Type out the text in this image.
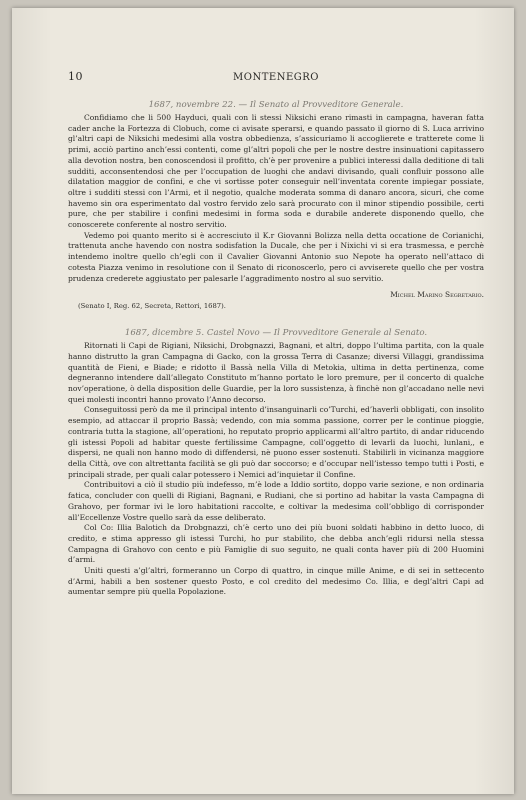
10	MONTENEGRO
1687, novembre 22. — Il Senato al Provveditore Generale.

Confidiamo che li 500 Hayduci, quali con li stessi Niksichi erano rimasti in campagna, haveran fatta cader anche la Fortezza di Clobuch, come ci avisate sperarsi, e quando passato il giorno di S. Luca arrivino gl’altri capi de Niksichi medesimi alla vostra obbedienza, s’assicuriamo li accoglierete e tratterete come li primi, acciò partino anch’essi contenti, come gl’altri popoli che per le nostre destre insinuationi capitassero alla devotion nostra, ben conoscendosi il profitto, ch’è per provenire a publici interessi dalla deditione di tali sudditi, acconsentendosi che per l’occupation de luoghi che andavi divisando, quali confluir possono alle dilatation maggior de confini, e che vi sortisse poter conseguir nell’inventata corente impiegar possiate, oltre i sudditi stessi con l’Armi, et il negotio, qualche moderata somma di danaro ancora, sicuri, che come havemo sin ora esperimentato dal vostro fervido zelo sarà procurato con il minor stipendio possibile, certi pure, che per stabilire i confini medesimi in forma soda e durabile anderete disponendo quello, che conoscerete conferente al nostro servitio.

Vedemo poi quanto merito si è accresciuto il K.r Giovanni Bolizza nella detta occatione de Corianichi, trattenuta anche havendo con nostra sodisfation la Ducale, che per i Nixichi vi si era trasmessa, e perchè intendemo inoltre quello ch’egli con il Cavalier Giovanni Antonio suo Nepote ha operato nell’attaco di cotesta Piazza venimo in resolutione con il Senato di riconoscerlo, pero ci avviserete quello che per vostra prudenza crederete aggiustato per palesarle l’aggradimento nostro al suo servitio.

Michel Marino Segretario.
(Senato I, Reg. 62, Secreta, Rettori, 1687).
1687, dicembre 5. Castel Novo — Il Provveditore Generale al Senato.

Ritornati li Capi de Rigiani, Niksichi, Drobgnazzi, Bagnani, et altri, doppo l’ultima partita, con la quale hanno distrutto la gran Campagna di Gacko, con la grossa Terra di Casanze; diversi Villaggi, grandissima quantità de Fieni, e Biade; e ridotto il Bassà nella Villa di Metokia, ultima in detta pertinenza, come degneranno intendere dall’allegato Constituto m’hanno portato le loro premure, per il concerto di qualche nov’operatione, ò della disposition delle Guardie, per la loro sussistenza, à finchè non gl’accadano nelle nevi quei molesti incontri hanno provato l’Anno decorso.

Conseguitossi però da me il principal intento d’insanguinarli co’Turchi, ed’haverli obbligati, con insolito esempio, ad attaccar il proprio Bassà; vedendo, con mia somma passione, correr per le continue pioggie, contraria tutta la stagione, all’operationi, ho reputato proprio applicarmi all’altro partito, di andar riducendo gli istessi Popoli ad habitar queste fertilissime Campagne, coll’oggetto di levarli da luochi, lunlani,, e dispersi, ne quali non hanno modo di diffendersi, nè puono esser sostenuti. Stabilirli in vicinanza maggiore della Città, ove con altrettanta facilità se gli può dar soccorso; e d’occupar nell’istesso tempo tutti i Posti, e principali strade, per quali calar potessero i Nemici ad’inquietar il Confine.

Contribuitovi a ciò il studio più indefesso, m’è lode a Iddio sortito, doppo varie sezione, e non ordinaria fatica, concluder con quelli di Rigiani, Bagnani, e Rudiani, che si portino ad habitar la vasta Campagna di Grahovo, per formar ivi le loro habitationi raccolte, e coltivar la medesima coll’obbligo di corrisponder all’Eccellenze Vostre quello sarà da esse deliberato.

Col Co: Illia Balotich da Drobgnazzi, ch’è certo uno dei più buoni soldati habbino in detto luoco, di credito, e stima appresso gli istessi Turchi, ho pur stabilito, che debba anch’egli ridursi nella stessa Campagna di Grahovo con cento e più Famiglie di suo seguito, ne quali conta haver più di 200 Huomini d’armi.

Uniti questi a’gl’altri, formeranno un Corpo di quattro, in cinque mille Anime, e di sei in settecento d’Armi, habili a ben sostener questo Posto, e col credito del medesimo Co. Illia, e degl’altri Capi ad aumentar sempre più quella Popolazione.
